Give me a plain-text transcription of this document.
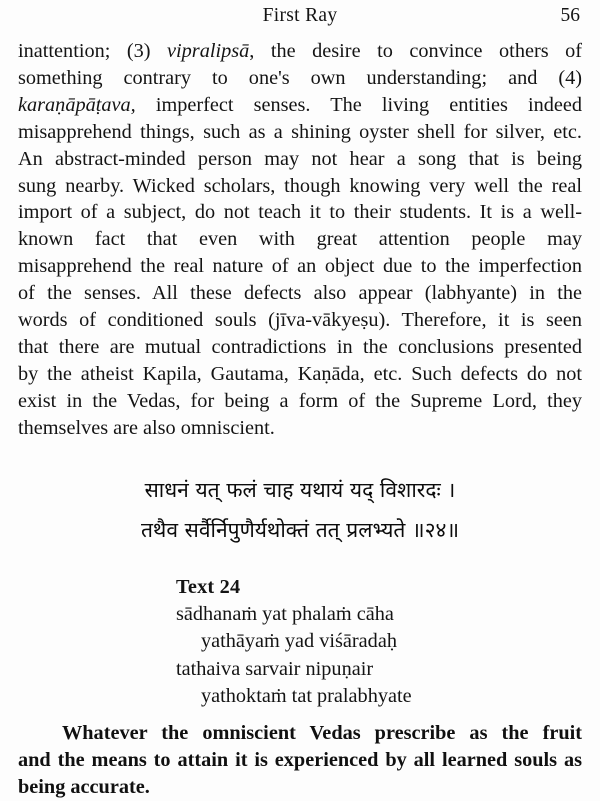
First Ray	56
inattention; (3) vipralipsā, the desire to convince others of
something contrary to one's own understanding; and (4)
karaṇāpāṭava, imperfect senses. The living entities indeed
misapprehend things, such as a shining oyster shell for silver, etc.
An abstract-minded person may not hear a song that is being
sung nearby. Wicked scholars, though knowing very well the real
import of a subject, do not teach it to their students. It is a well-
known fact that even with great attention people may
misapprehend the real nature of an object due to the imperfection
of the senses. All these defects also appear (labhyante) in the
words of conditioned souls (jīva-vākyeṣu). Therefore, it is seen
that there are mutual contradictions in the conclusions presented
by the atheist Kapila, Gautama, Kaṇāda, etc. Such defects do not
exist in the Vedas, for being a form of the Supreme Lord, they
themselves are also omniscient.
साधनं यत् फलं चाह यथायं यद् विशारदः ।
तथैव सर्वैर्निपुणैर्यथोक्तं तत् प्रलभ्यते ॥२४॥
Text 24
sādhanaṁ yat phalaṁ cāha
yathāyaṁ yad viśāradaḥ
tathaiva sarvair nipuṇair
yathoktaṁ tat pralabhyate
Whatever the omniscient Vedas prescribe as the fruit
and the means to attain it is experienced by all learned souls as
being accurate.
